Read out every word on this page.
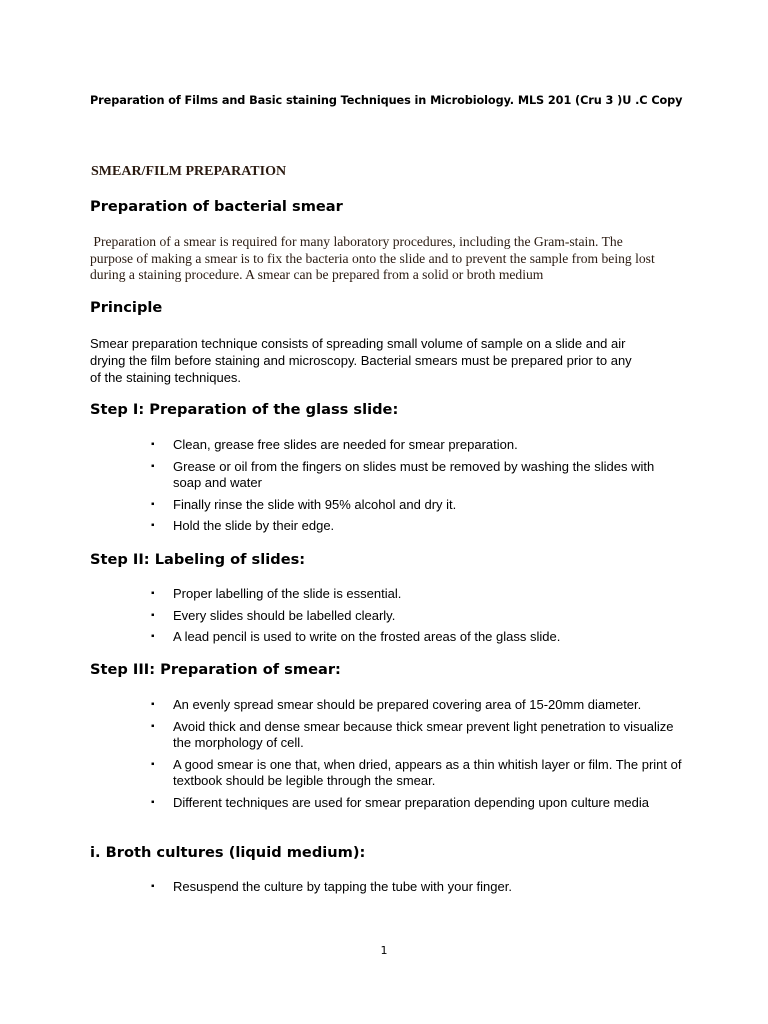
Preparation of Films and Basic staining Techniques in Microbiology. MLS 201 (Cru 3 ) U .C Copy
SMEAR/FILM PREPARATION
Preparation of bacterial smear
Preparation of a smear is required for many laboratory procedures, including the Gram-stain. The
purpose of making a smear is to fix the bacteria onto the slide and to prevent the sample from being lost
during a staining procedure. A smear can be prepared from a solid or broth medium
Principle
Smear preparation technique consists of spreading small volume of sample on a slide and air
drying the film before staining and microscopy. Bacterial smears must be prepared prior to any
of the staining techniques.
Step I: Preparation of the glass slide:
▪ Clean, grease free slides are needed for smear preparation.
▪ Grease or oil from the fingers on slides must be removed by washing the slides with soap and water
▪ Finally rinse the slide with 95% alcohol and dry it.
▪ Hold the slide by their edge.
Step II: Labeling of slides:
▪ Proper labelling of the slide is essential.
▪ Every slides should be labelled clearly.
▪ A lead pencil is used to write on the frosted areas of the glass slide.
Step III: Preparation of smear:
▪ An evenly spread smear should be prepared covering area of 15-20mm diameter.
▪ Avoid thick and dense smear because thick smear prevent light penetration to visualize the morphology of cell.
▪ A good smear is one that, when dried, appears as a thin whitish layer or film. The print of textbook should be legible through the smear.
▪ Different techniques are used for smear preparation depending upon culture media
i. Broth cultures (liquid medium):
▪ Resuspend the culture by tapping the tube with your finger.
1
